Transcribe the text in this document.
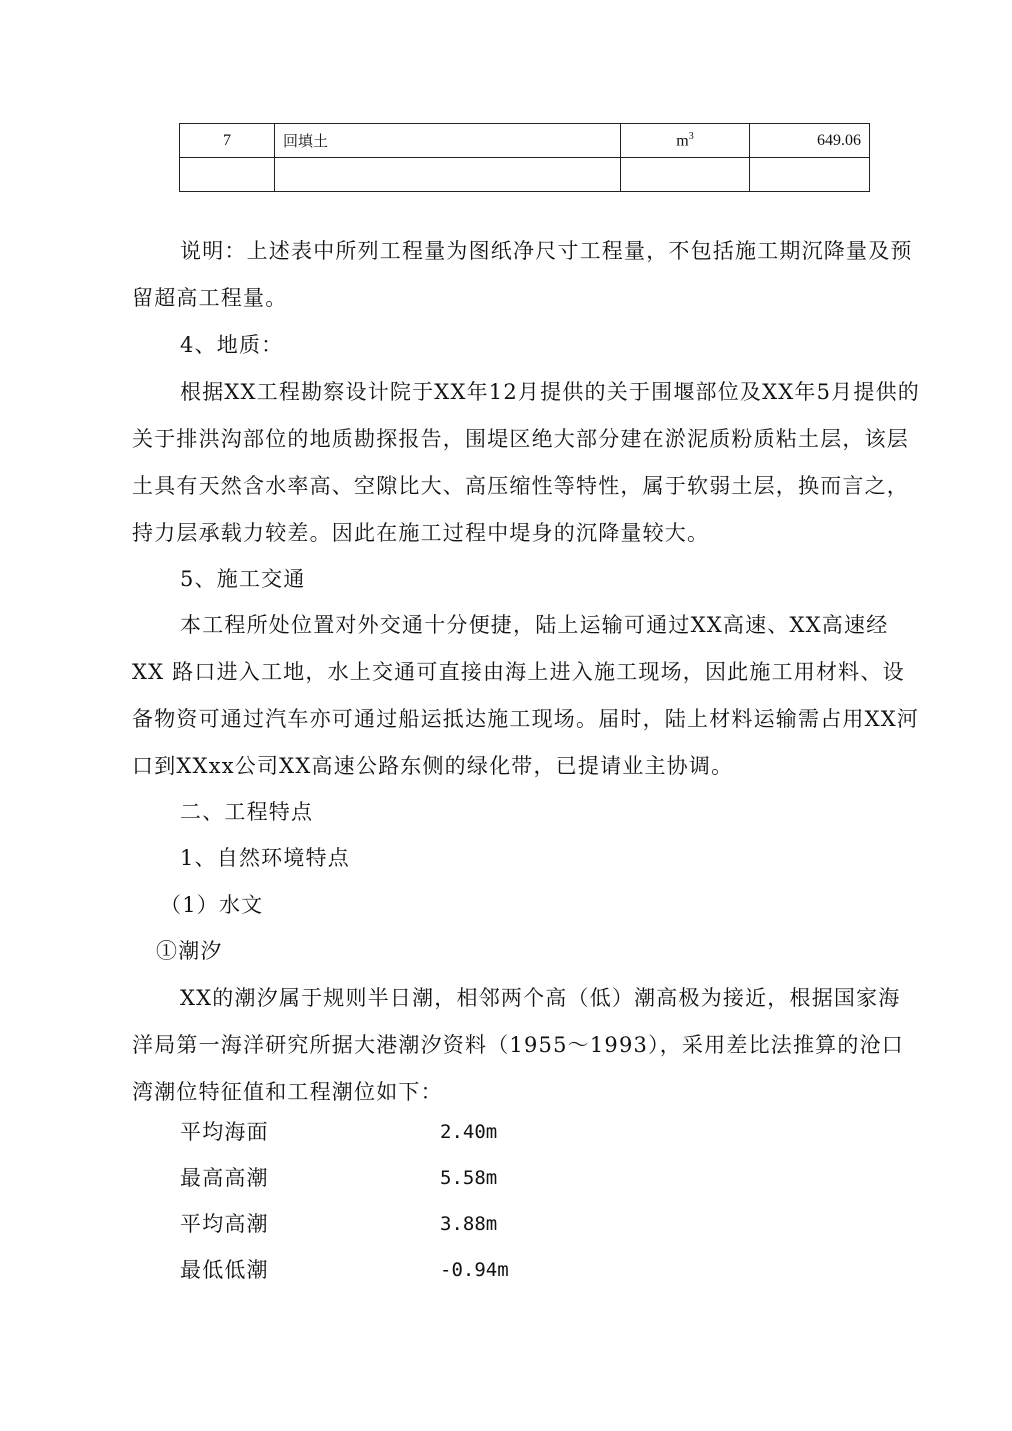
7	回填土	$m^3$	649.06

说明：上述表中所列工程量为图纸净尺寸工程量，不包括施工期沉降量及预留超高工程量。

4、地质：

根据XX工程勘察设计院于XX年12月提供的关于围堰部位及XX年5月提供的关于排洪沟部位的地质勘探报告，围堤区绝大部分建在淤泥质粉质粘土层，该层土具有天然含水率高、空隙比大、高压缩性等特性，属于软弱土层，换而言之，持力层承载力较差。因此在施工过程中堤身的沉降量较大。

5、施工交通

本工程所处位置对外交通十分便捷，陆上运输可通过XX高速、XX高速经 XX 路口进入工地，水上交通可直接由海上进入施工现场，因此施工用材料、设备物资可通过汽车亦可通过船运抵达施工现场。届时，陆上材料运输需占用XX河口到XXxx公司XX高速公路东侧的绿化带，已提请业主协调。

二、工程特点

1、自然环境特点

（1）水文

①潮汐

XX的潮汐属于规则半日潮，相邻两个高（低）潮高极为接近，根据国家海洋局第一海洋研究所据大港潮汐资料（1955～1993），采用差比法推算的沧口湾潮位特征值和工程潮位如下：

平均海面	2.40m
最高高潮	5.58m
平均高潮	3.88m
最低低潮	-0.94m
